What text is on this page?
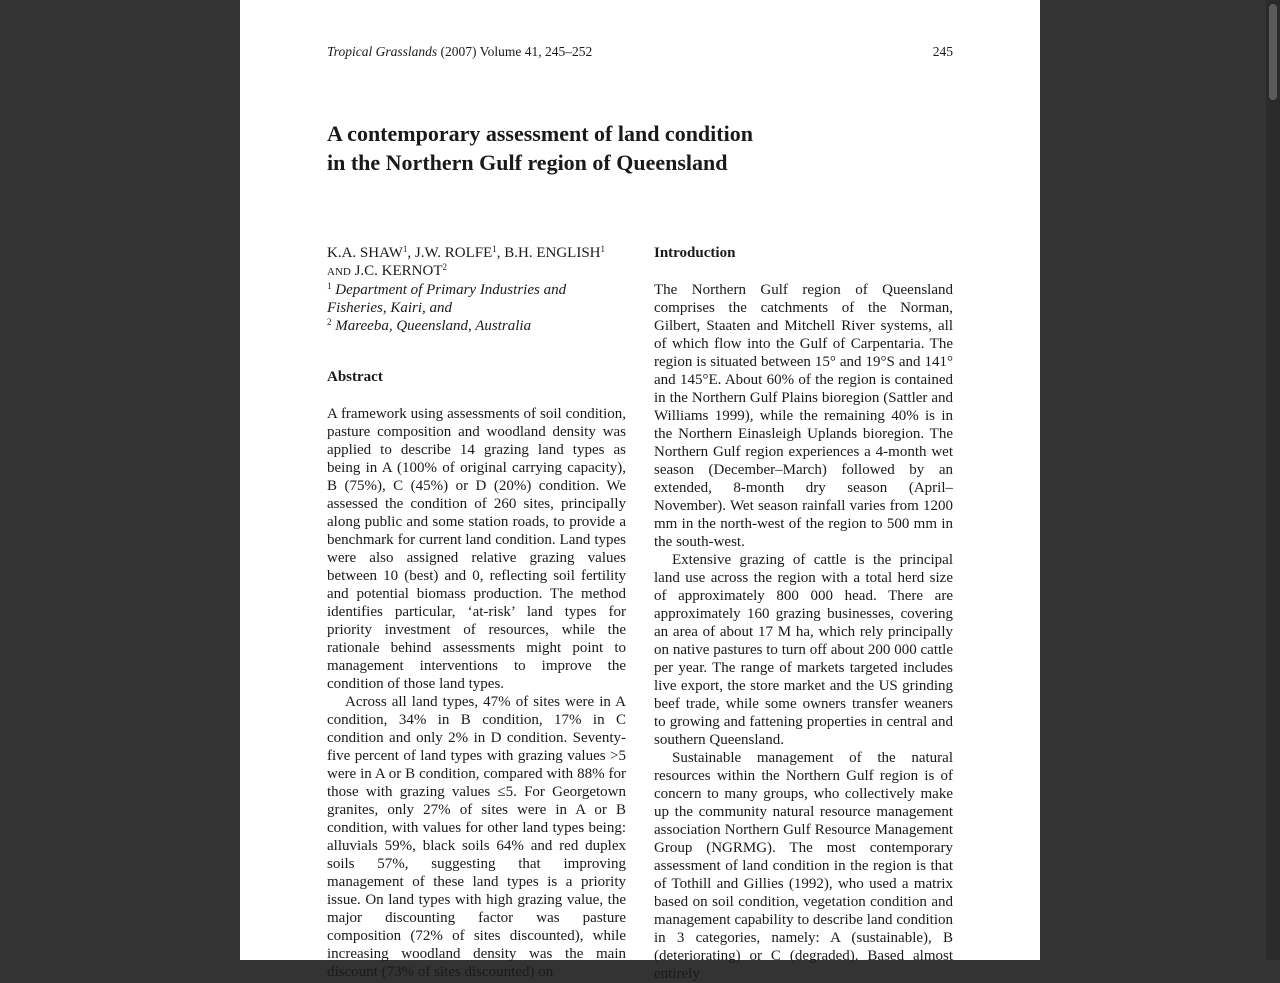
Tropical Grasslands (2007) Volume 41, 245–252	245
A contemporary assessment of land condition
in the Northern Gulf region of Queensland

K.A. SHAW$^1$, J.W. ROLFE$^1$, B.H. ENGLISH$^1$
AND J.C. KERNOT$^2$

$^1$ Department of Primary Industries and Fisheries, Kairi, and

$^2$ Mareeba, Queensland, Australia

Abstract

A framework using assessments of soil condition, pasture composition and woodland density was applied to describe 14 grazing land types as being in A (100% of original carrying capacity), B (75%), C (45%) or D (20%) condition. We assessed the condition of 260 sites, principally along public and some station roads, to provide a benchmark for current land condition. Land types were also assigned relative grazing values between 10 (best) and 0, reflecting soil fertility and potential biomass production. The method identifies particular, ‘at-risk’ land types for priority investment of resources, while the rationale behind assessments might point to management interventions to improve the condition of those land types.

Across all land types, 47% of sites were in A condition, 34% in B condition, 17% in C condition and only 2% in D condition. Seventy-five percent of land types with grazing values >5 were in A or B condition, compared with 88% for those with grazing values ≤5. For Georgetown granites, only 27% of sites were in A or B condition, with values for other land types being: alluvials 59%, black soils 64% and red duplex soils 57%, suggesting that improving management of these land types is a priority issue. On land types with high grazing value, the major discounting factor was pasture composition (72% of sites discounted), while increasing woodland density was the main discount (73% of sites discounted) on

Introduction

The Northern Gulf region of Queensland comprises the catchments of the Norman, Gilbert, Staaten and Mitchell River systems, all of which flow into the Gulf of Carpentaria. The region is situated between 15° and 19°S and 141° and 145°E. About 60% of the region is contained in the Northern Gulf Plains bioregion (Sattler and Williams 1999), while the remaining 40% is in the Northern Einasleigh Uplands bioregion. The Northern Gulf region experiences a 4-month wet season (December–March) followed by an extended, 8-month dry season (April–November). Wet season rainfall varies from 1200 mm in the north-west of the region to 500 mm in the south-west.

Extensive grazing of cattle is the principal land use across the region with a total herd size of approximately 800 000 head. There are approximately 160 grazing businesses, covering an area of about 17 M ha, which rely principally on native pastures to turn off about 200 000 cattle per year. The range of markets targeted includes live export, the store market and the US grinding beef trade, while some owners transfer weaners to growing and fattening properties in central and southern Queensland.

Sustainable management of the natural resources within the Northern Gulf region is of concern to many groups, who collectively make up the community natural resource management association Northern Gulf Resource Management Group (NGRMG). The most contemporary assessment of land condition in the region is that of Tothill and Gillies (1992), who used a matrix based on soil condition, vegetation condition and management capability to describe land condition in 3 categories, namely: A (sustainable), B (deteriorating) or C (degraded). Based almost entirely
